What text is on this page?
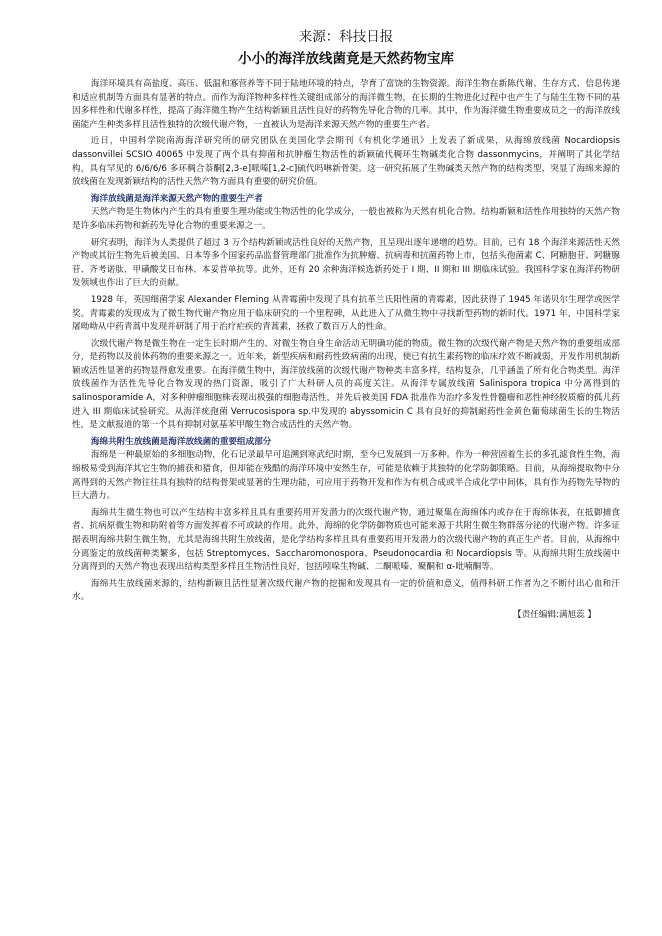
来源：科技日报
小小的海洋放线菌竟是天然药物宝库

海洋环境具有高盐度、高压、低温和寡营养等不同于陆地环境的特点，孕育了富饶的生物资源。海洋生物在新陈代谢、生存方式、信息传递和适应机制等方面具有显著的特点。而作为海洋物种多样性关键组成部分的海洋微生物，在长期的生物进化过程中也产生了与陆生生物不同的基因多样性和代谢多样性，提高了海洋微生物产生结构新颖且活性良好的药物先导化合物的几率。其中，作为海洋微生物重要成员之一的海洋放线菌能产生种类多样且活性独特的次级代谢产物，一直被认为是海洋来源天然产物的重要生产者。

近日，中国科学院南海海洋研究所的研究团队在美国化学会期刊《有机化学通讯》上发表了新成果，从海绵放线菌 Nocardiopsis dassonvillei SCSIO 40065 中发现了两个具有抑菌和抗肿瘤生物活性的新颖硫代稠环生物碱类化合物 dassonmycins，并阐明了其化学结构，具有罕见的 6/6/6/6 多环稠合萘酮[2,3-e]哌嗪[1,2-c]硫代吗啉新骨架。这一研究拓展了生物碱类天然产物的结构类型，突显了海绵来源的放线菌在发现新颖结构的活性天然产物方面具有重要的研究价值。

海洋放线菌是海洋来源天然产物的重要生产者

天然产物是生物体内产生的具有重要生理功能或生物活性的化学成分，一般也被称为天然有机化合物。结构新颖和活性作用独特的天然产物是许多临床药物和新药先导化合物的重要来源之一。

研究表明，海洋为人类提供了超过 3 万个结构新颖或活性良好的天然产物，且呈现出逐年递增的趋势。目前，已有 18 个海洋来源活性天然产物或其衍生物先后被美国、日本等多个国家药品监督管理部门批准作为抗肿瘤、抗病毒和抗菌药物上市，包括头孢菌素 C、阿糖胞苷、阿糖腺苷、齐考诺肽、甲磺酸艾日布林、本妥昔单抗等。此外，还有 20 余种海洋候选新药处于 I 期、II 期和 III 期临床试验。我国科学家在海洋药物研发领域也作出了巨大的贡献。

1928 年，英国细菌学家 Alexander Fleming 从青霉菌中发现了具有抗革兰氏阳性菌的青霉素，因此获得了 1945 年诺贝尔生理学或医学奖。青霉素的发现成为了微生物代谢产物应用于临床研究的一个里程碑，从此进入了从微生物中寻找新型药物的新时代。1971 年，中国科学家屠呦呦从中药青蒿中发现并研制了用于治疗疟疾的青蒿素，拯救了数百万人的性命。

次级代谢产物是微生物在一定生长时期产生的、对微生物自身生命活动无明确功能的物质。微生物的次级代谢产物是天然产物的重要组成部分，是药物以及前体药物的重要来源之一。近年来，新型疾病和耐药性致病菌的出现，使已有抗生素药物的临床疗效不断减弱，开发作用机制新颖或活性显著的药物显得愈发重要。在海洋微生物中，海洋放线菌的次级代谢产物种类丰富多样，结构复杂，几乎涵盖了所有化合物类型。海洋放线菌作为活性先导化合物发现的热门资源，吸引了广大科研人员的高度关注。从海洋专属放线菌 Salinispora tropica 中分离得到的 salinosporamide A，对多种肿瘤细胞株表现出极强的细胞毒活性，并先后被美国 FDA 批准作为治疗多发性骨髓瘤和恶性神经胶质瘤的孤儿药进入 III 期临床试验研究。从海洋疣孢菌 Verrucosispora sp.中发现的 abyssomicin C 具有良好的抑制耐药性金黄色葡萄球菌生长的生物活性，是文献报道的第一个具有抑制对氨基苯甲酸生物合成活性的天然产物。

海绵共附生放线菌是海洋放线菌的重要组成部分

海绵是一种最原始的多细胞动物，化石记录最早可追溯到寒武纪时期，至今已发展到一万多种。作为一种营固着生长的多孔滤食性生物，海绵极易受到海洋其它生物的捕获和猎食，但却能在残酷的海洋环境中安然生存，可能是依赖于其独特的化学防御策略。目前，从海绵提取物中分离得到的天然产物往往具有独特的结构骨架或显著的生理功能，可应用于药物开发和作为有机合成或半合成化学中间体，具有作为药物先导物的巨大潜力。

海绵共生微生物也可以产生结构丰富多样且具有重要药用开发潜力的次级代谢产物，通过聚集在海绵体内或存在于海绵体表，在抵御捕食者、抗病原微生物和防附着等方面发挥着不可或缺的作用。此外，海绵的化学防御物质也可能来源于共附生微生物群落分泌的代谢产物。许多证据表明海绵共附生微生物，尤其是海绵共附生放线菌，是化学结构多样且具有重要药用开发潜力的次级代谢产物的真正生产者。目前，从海绵中分离鉴定的放线菌种类繁多，包括 Streptomyces、Saccharomonospora、Pseudonocardia 和 Nocardiopsis 等。从海绵共附生放线菌中分离得到的天然产物也表现出结构类型多样且生物活性良好，包括吲哚生物碱、二酮哌嗪、聚酮和 α-吡喃酮等。

海绵共生放线菌来源的，结构新颖且活性显著次级代谢产物的挖掘和发现具有一定的价值和意义，值得科研工作者为之不断付出心血和汗水。

【责任编辑:满旭蕊 】
